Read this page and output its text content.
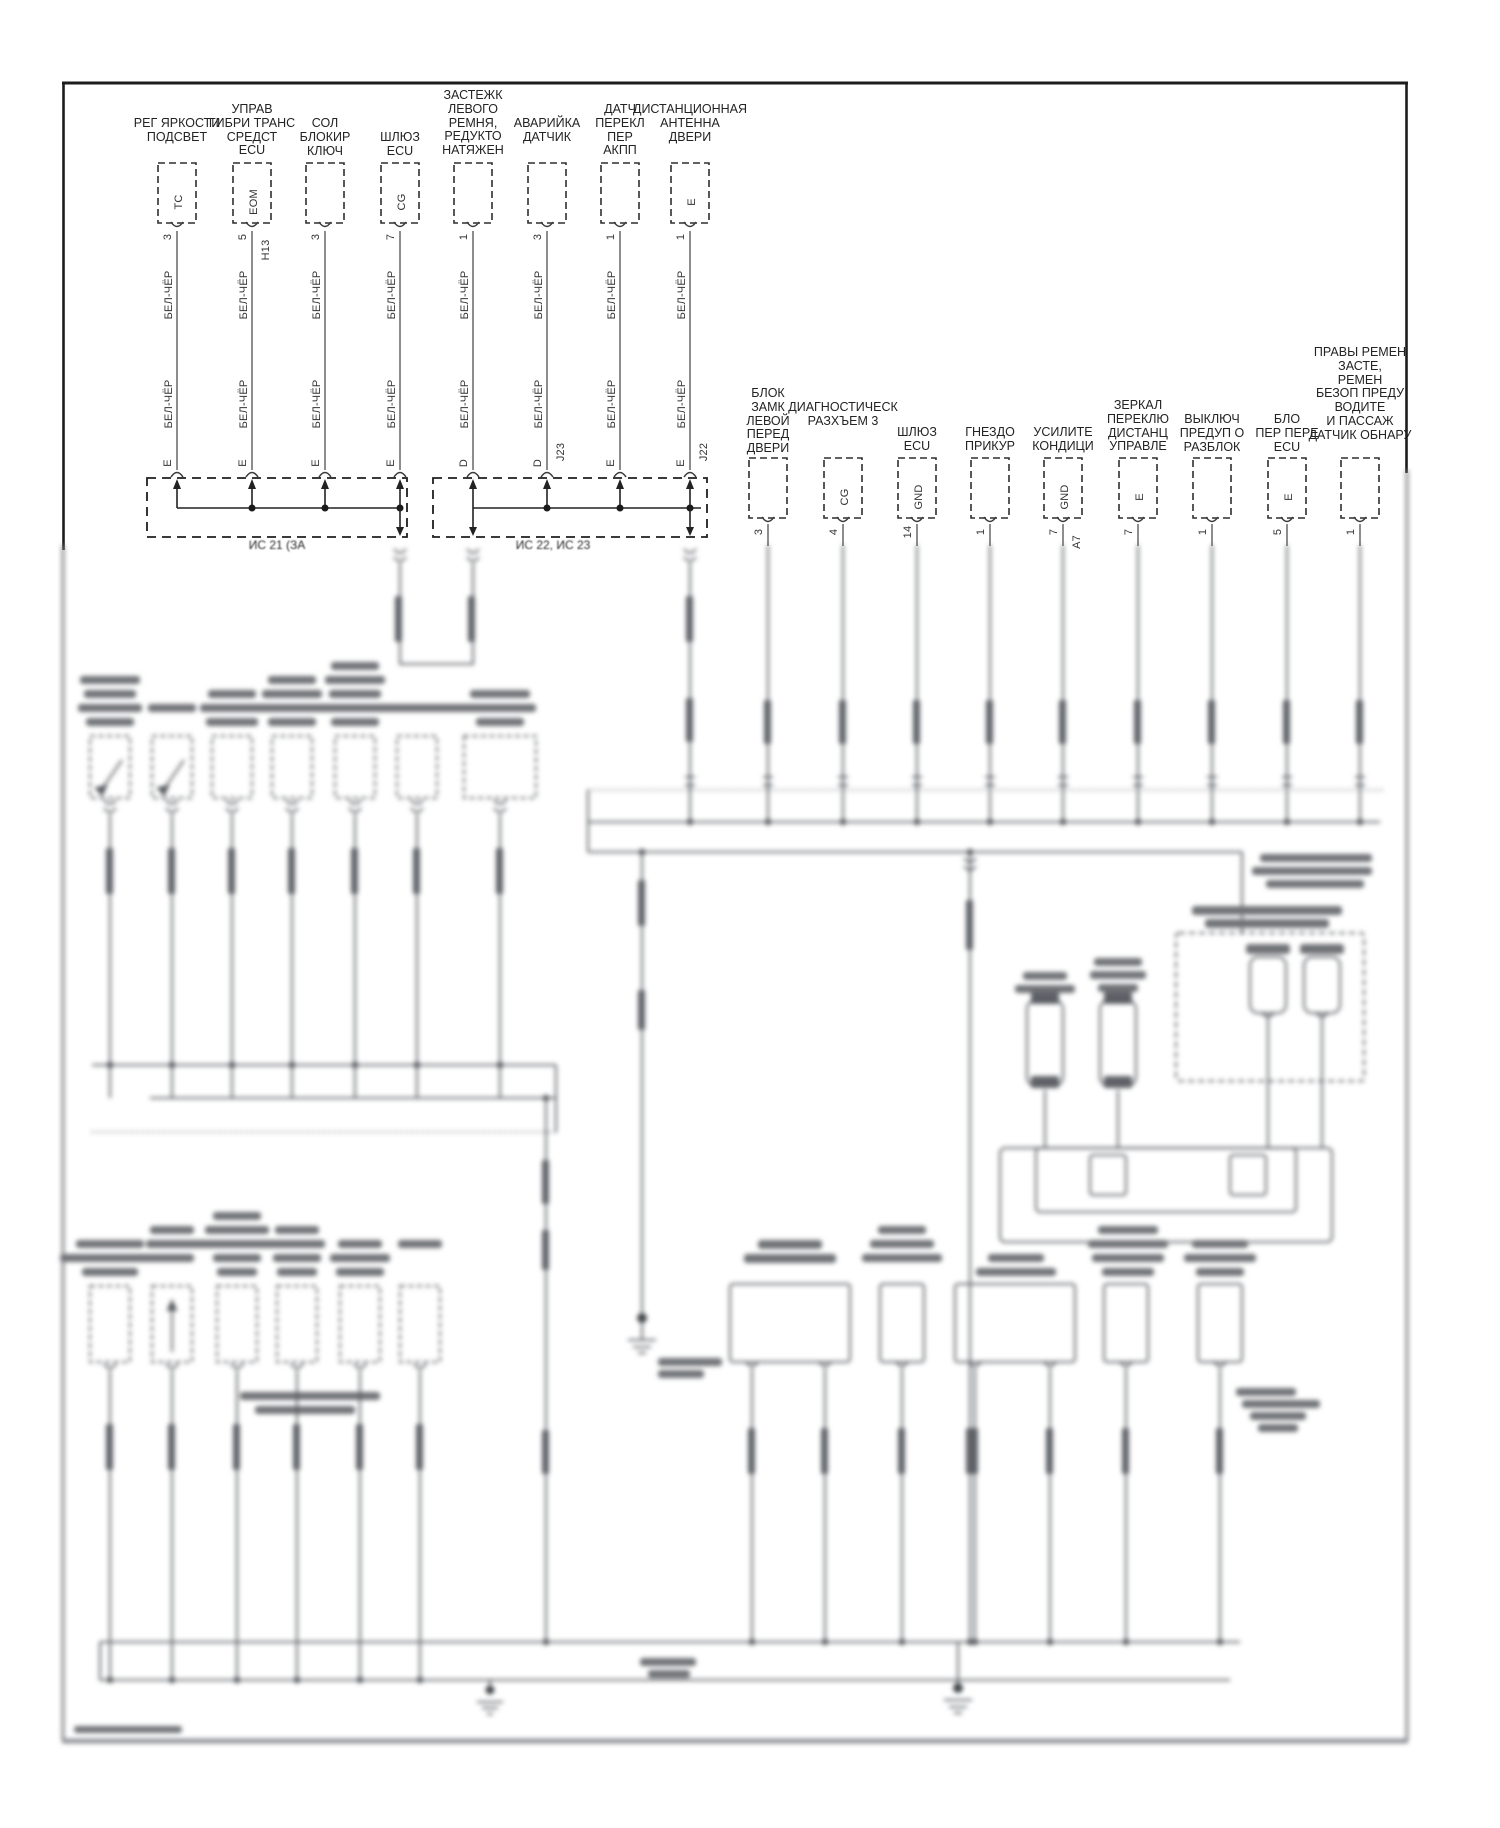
ИС 21 (ЗА	ИС 22, ИС 23
РЕГ ЯРКОСТИ
ПОДСВЕТ
3
TC
БЕЛ-ЧЁР
БЕЛ-ЧЁР
E
УПРАВ
ГИБРИ ТРАНС
СРЕДСТ
ECU
5
EOM
H13
БЕЛ-ЧЁР
БЕЛ-ЧЁР
E
СОЛ
БЛОКИР
КЛЮЧ
3
БЕЛ-ЧЁР
БЕЛ-ЧЁР
E
ШЛЮЗ
ECU
7
CG
БЕЛ-ЧЁР
БЕЛ-ЧЁР
E
ЗАСТЕЖК
ЛЕВОГО
РЕМНЯ,
РЕДУКТО
НАТЯЖЕН
1
БЕЛ-ЧЁР
БЕЛ-ЧЁР
D
АВАРИЙКА
ДАТЧИК
3
БЕЛ-ЧЁР
БЕЛ-ЧЁР
D
J23
ДАТЧ
ПЕРЕКЛ
ПЕР
АКПП
1
БЕЛ-ЧЁР
БЕЛ-ЧЁР
E
ДИСТАНЦИОННАЯ
АНТЕННА
ДВЕРИ
1
E
БЕЛ-ЧЁР
БЕЛ-ЧЁР
E
J22
БЛОК
ЗАМК
ЛЕВОЙ
ПЕРЕД
ДВЕРИ
3
ДИАГНОСТИЧЕСК
РАЗХЪЕМ 3
4
CG
ШЛЮЗ
ECU
14
GND
ГНЕЗДО
ПРИКУР
1
УСИЛИТЕ
КОНДИЦИ
7
GND
A7
ЗЕРКАЛ
ПЕРЕКЛЮ
ДИСТАНЦ
УПРАВЛЕ
7
E
ВЫКЛЮЧ
ПРЕДУП О
РАЗБЛОК
1
БЛО
ПЕР ПЕРЕ
ECU
5
E
ПРАВЫ РЕМЕН
ЗАСТЕ,
РЕМЕН
БЕЗОП ПРЕДУ
ВОДИТЕ
И ПАССАЖ
ДАТЧИК ОБНАРУ
1
